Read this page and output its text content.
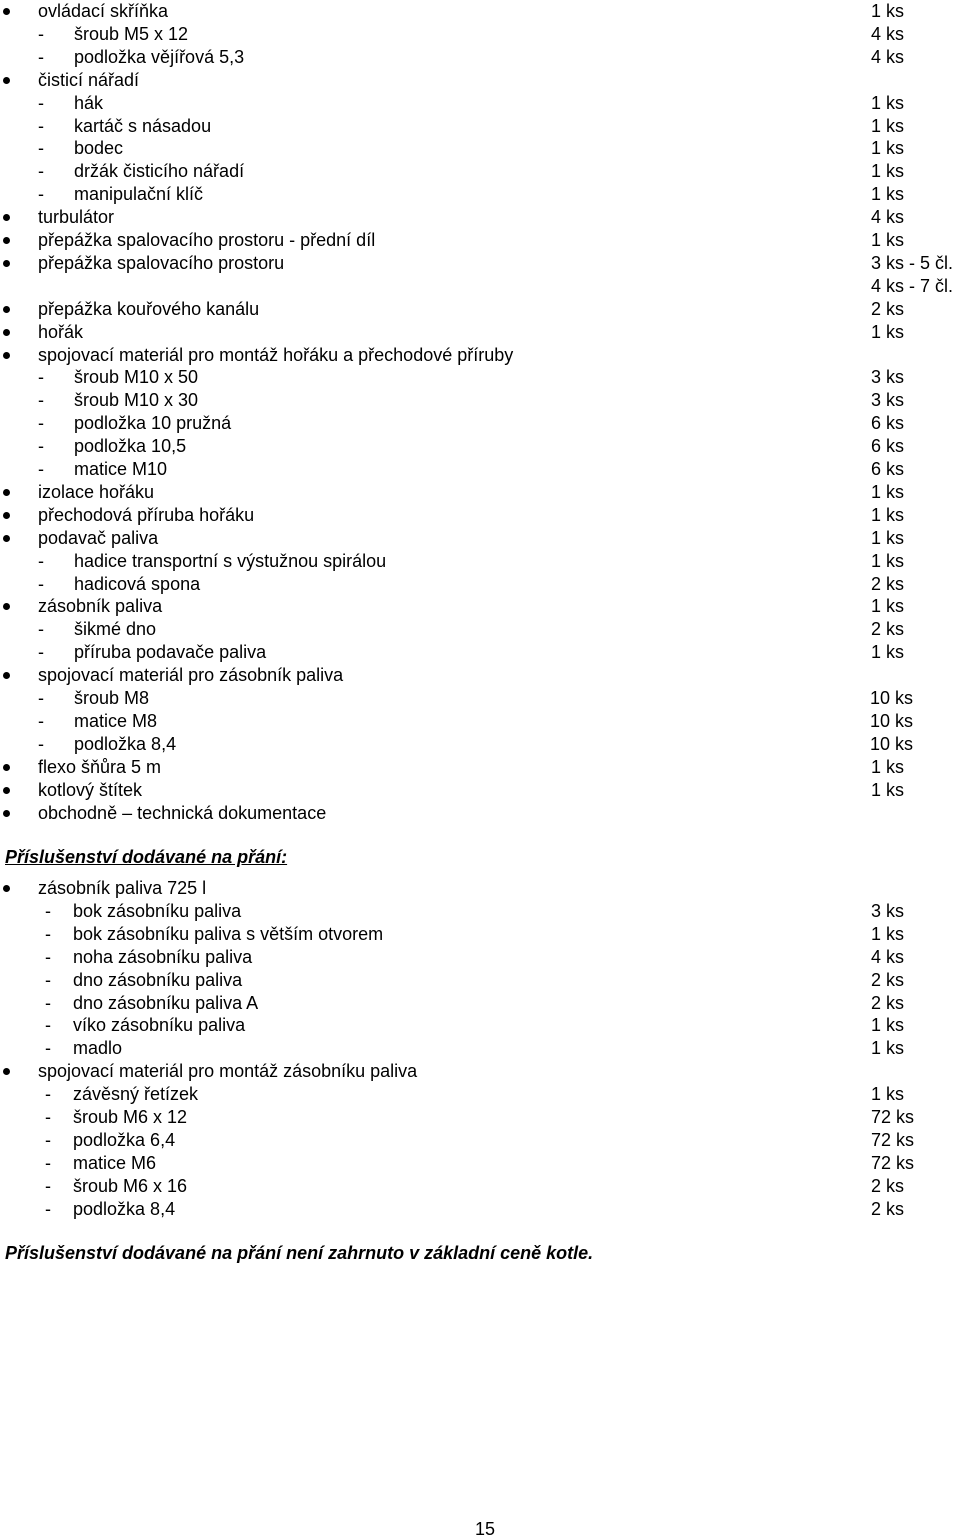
ovládací skříňka	1 ks
- šroub M5 x 12	4 ks
- podložka vějířová 5,3	4 ks
čisticí nářadí
- hák	1 ks
- kartáč s násadou	1 ks
- bodec	1 ks
- držák čisticího nářadí	1 ks
- manipulační klíč	1 ks
turbulátor	4 ks
přepážka spalovacího prostoru - přední díl	1 ks
přepážka spalovacího prostoru	3 ks - 5 čl.
4 ks - 7 čl.
přepážka kouřového kanálu	2 ks
hořák	1 ks
spojovací materiál pro montáž hořáku a přechodové příruby
- šroub M10 x 50	3 ks
- šroub M10 x 30	3 ks
- podložka 10 pružná	6 ks
- podložka 10,5	6 ks
- matice M10	6 ks
izolace hořáku	1 ks
přechodová příruba hořáku	1 ks
podavač paliva	1 ks
- hadice transportní s výstužnou spirálou	1 ks
- hadicová spona	2 ks
zásobník paliva	1 ks
- šikmé dno	2 ks
- příruba podavače paliva	1 ks
spojovací materiál pro zásobník paliva
- šroub M8	10 ks
- matice M8	10 ks
- podložka 8,4	10 ks
flexo šňůra 5 m	1 ks
kotlový štítek	1 ks
obchodně – technická dokumentace
Příslušenství dodávané na přání:
zásobník paliva 725 l
- bok zásobníku paliva	3 ks
- bok zásobníku paliva s větším otvorem	1 ks
- noha zásobníku paliva	4 ks
- dno zásobníku paliva	2 ks
- dno zásobníku paliva A	2 ks
- víko zásobníku paliva	1 ks
- madlo	1 ks
spojovací materiál pro montáž zásobníku paliva
- závěsný řetízek	1 ks
- šroub M6 x 12	72 ks
- podložka 6,4	72 ks
- matice M6	72 ks
- šroub M6 x 16	2 ks
- podložka 8,4	2 ks
Příslušenství dodávané na přání není zahrnuto v základní ceně kotle.
15
